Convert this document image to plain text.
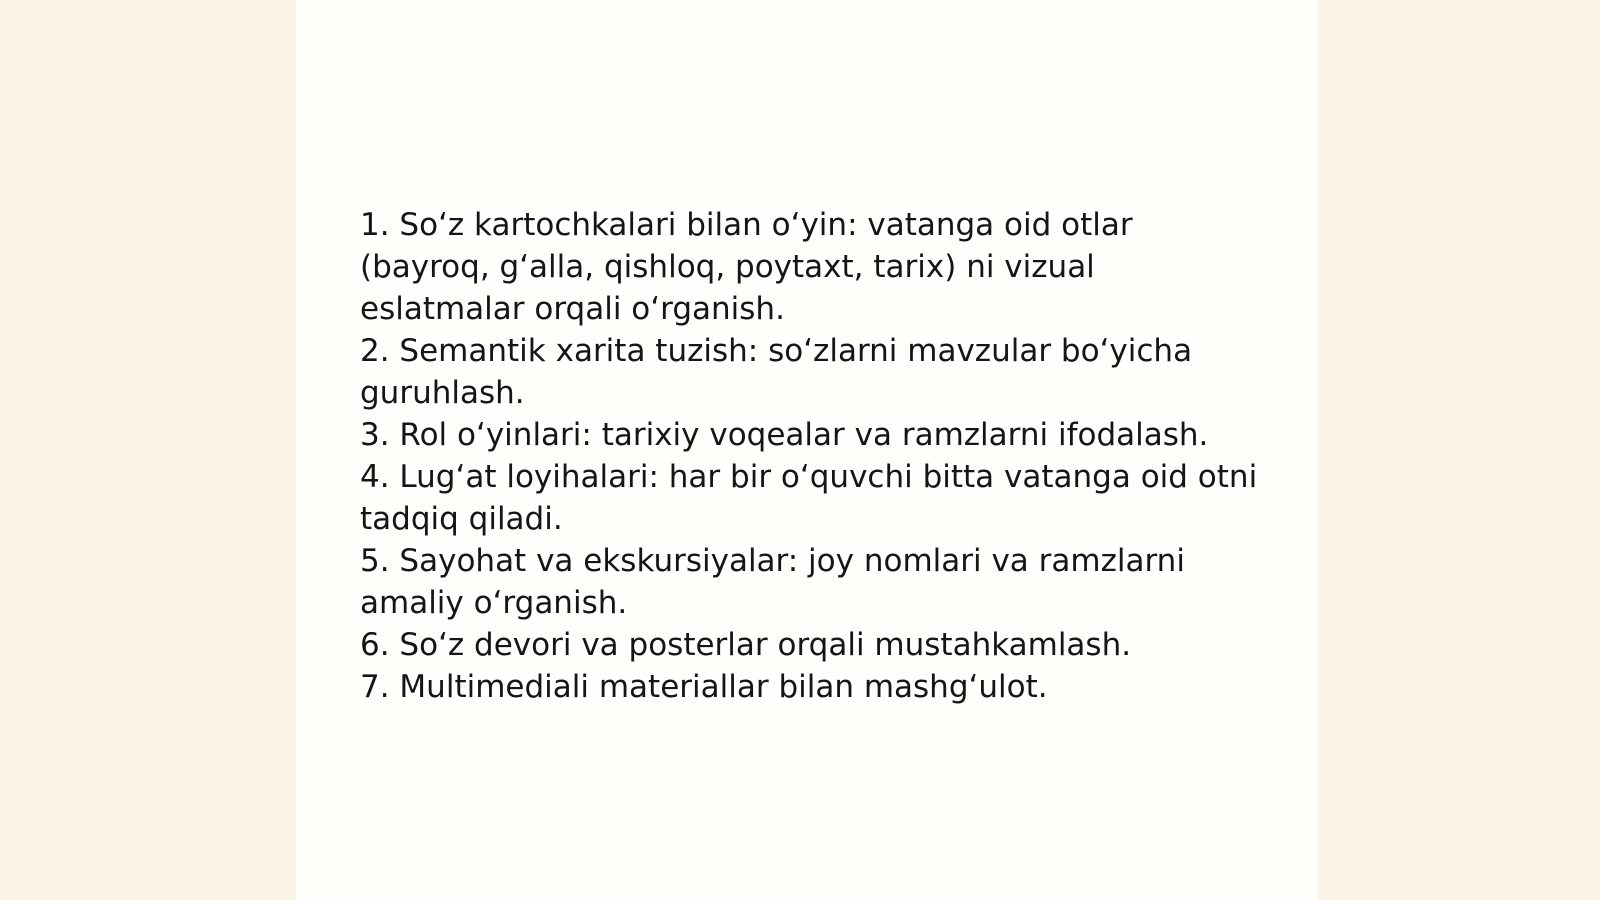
1. So‘z kartochkalari bilan o‘yin: vatanga oid otlar (bayroq, g‘alla, qishloq, poytaxt, tarix) ni vizual eslatmalar orqali o‘rganish.
2. Semantik xarita tuzish: so‘zlarni mavzular bo‘yicha guruhlash.
3. Rol o‘yinlari: tarixiy voqealar va ramzlarni ifodalash.
4. Lug‘at loyihalari: har bir o‘quvchi bitta vatanga oid otni tadqiq qiladi.
5. Sayohat va ekskursiyalar: joy nomlari va ramzlarni amaliy o‘rganish.
6. So‘z devori va posterlar orqali mustahkamlash.
7. Multimediali materiallar bilan mashg‘ulot.
